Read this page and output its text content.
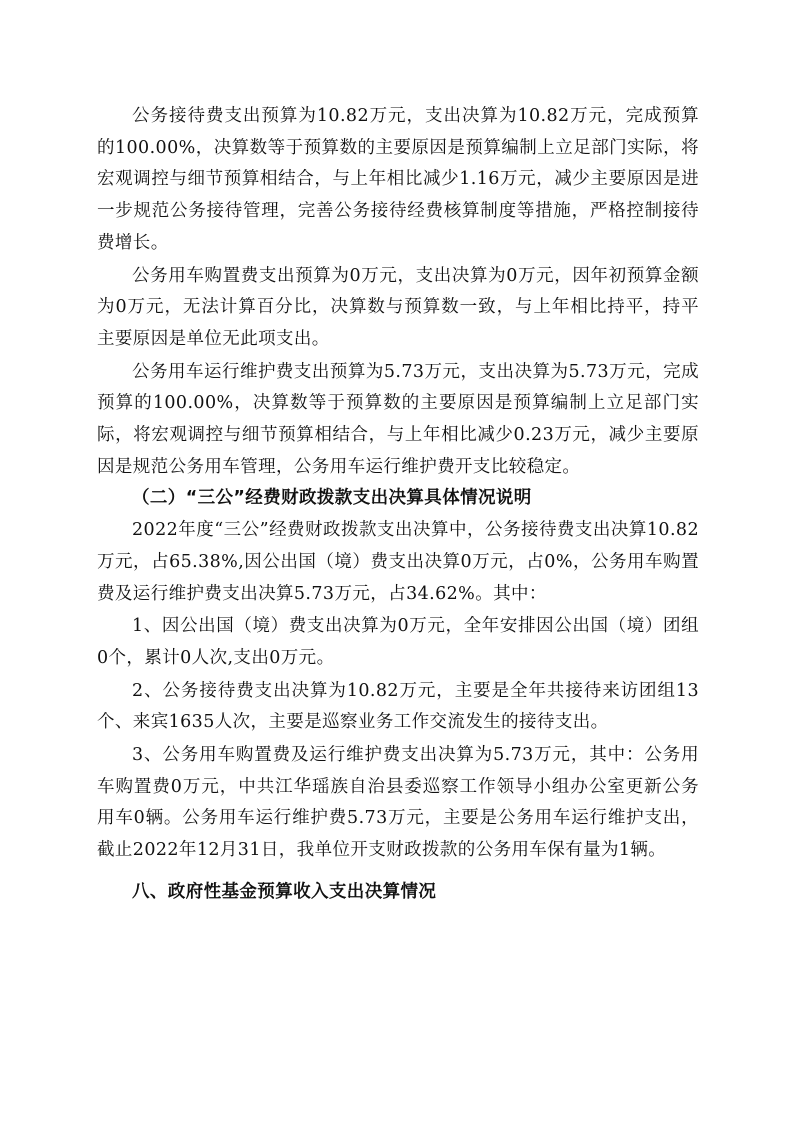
公务接待费支出预算为10.82万元，支出决算为10.82万元，完成预算的100.00%，决算数等于预算数的主要原因是预算编制上立足部门实际，将宏观调控与细节预算相结合，与上年相比减少1.16万元，减少主要原因是进一步规范公务接待管理，完善公务接待经费核算制度等措施，严格控制接待费增长。

公务用车购置费支出预算为0万元，支出决算为0万元，因年初预算金额为0万元，无法计算百分比，决算数与预算数一致，与上年相比持平，持平主要原因是单位无此项支出。

公务用车运行维护费支出预算为5.73万元，支出决算为5.73万元，完成预算的100.00%，决算数等于预算数的主要原因是预算编制上立足部门实际，将宏观调控与细节预算相结合，与上年相比减少0.23万元，减少主要原因是规范公务用车管理，公务用车运行维护费开支比较稳定。

（二）“三公”经费财政拨款支出决算具体情况说明

2022年度“三公”经费财政拨款支出决算中，公务接待费支出决算10.82万元，占65.38%,因公出国（境）费支出决算0万元，占0%，公务用车购置费及运行维护费支出决算5.73万元，占34.62%。其中：

1、因公出国（境）费支出决算为0万元，全年安排因公出国（境）团组0个，累计0人次,支出0万元。

2、公务接待费支出决算为10.82万元，主要是全年共接待来访团组13个、来宾1635人次，主要是巡察业务工作交流发生的接待支出。

3、公务用车购置费及运行维护费支出决算为5.73万元，其中：公务用车购置费0万元，中共江华瑶族自治县委巡察工作领导小组办公室更新公务用车0辆。公务用车运行维护费5.73万元，主要是公务用车运行维护支出，截止2022年12月31日，我单位开支财政拨款的公务用车保有量为1辆。

八、政府性基金预算收入支出决算情况
